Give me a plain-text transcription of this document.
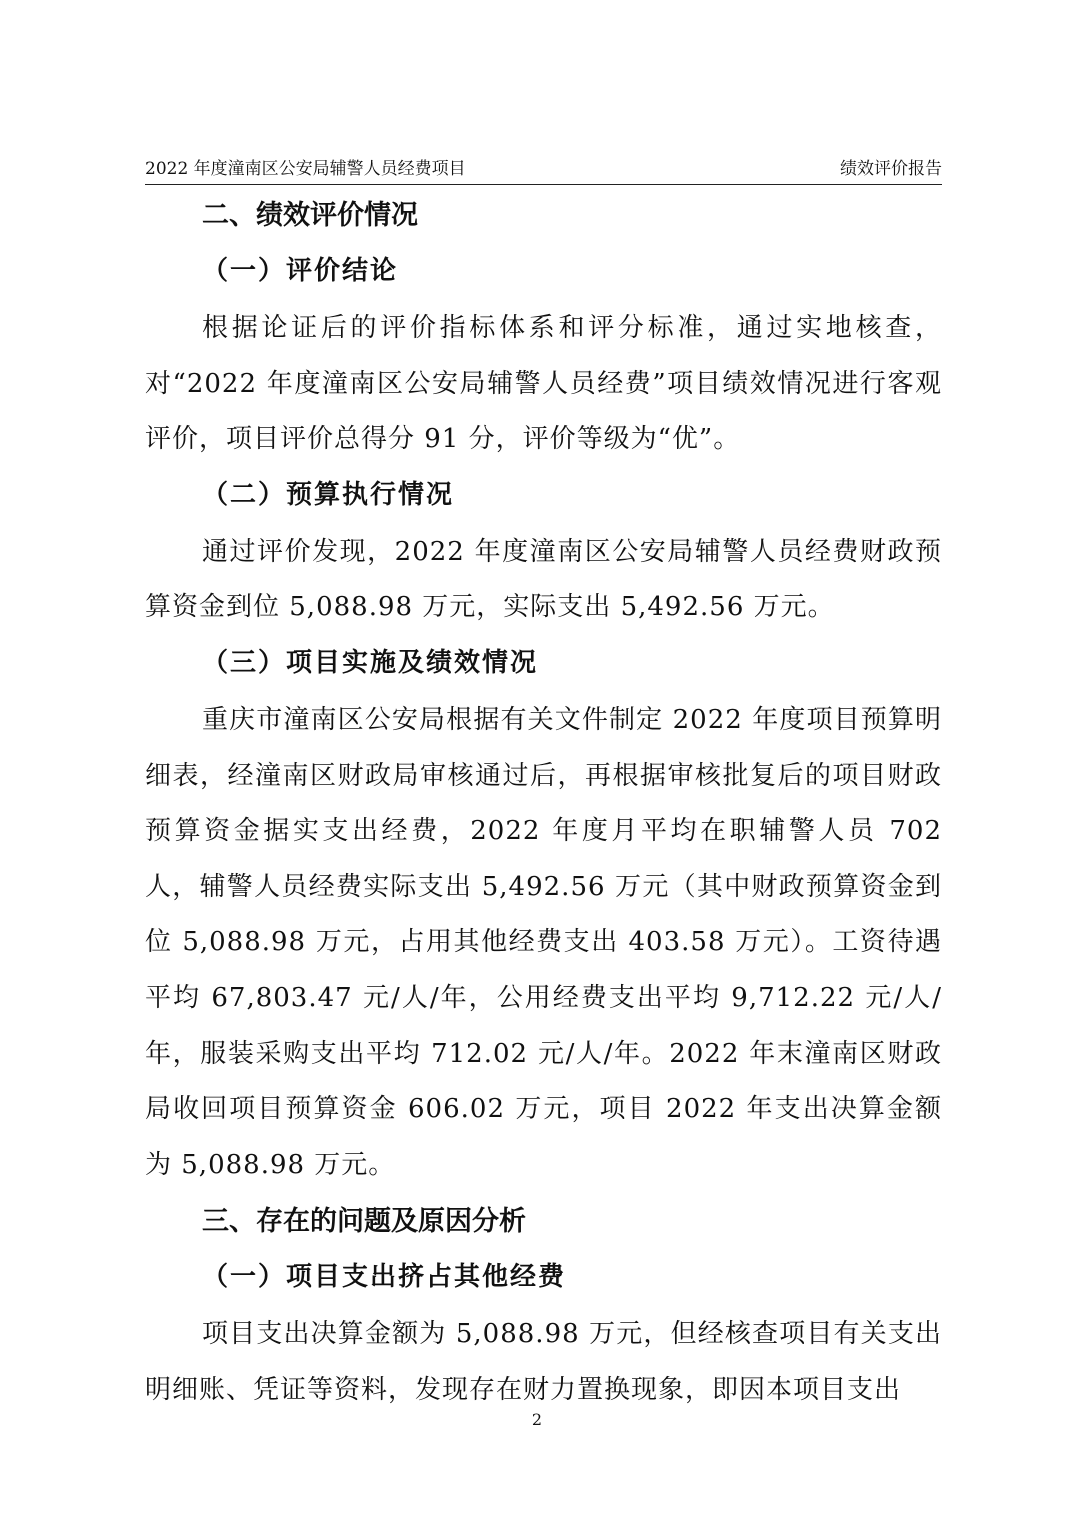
2022 年度潼南区公安局辅警人员经费项目	绩效评价报告
二、绩效评价情况
（一）评价结论

根据论证后的评价指标体系和评分标准，通过实地核查，对“2022 年度潼南区公安局辅警人员经费”项目绩效情况进行客观评价，项目评价总得分 91 分，评价等级为“优”。

（二）预算执行情况

通过评价发现，2022 年度潼南区公安局辅警人员经费财政预算资金到位 5,088.98 万元，实际支出 5,492.56 万元。

（三）项目实施及绩效情况

重庆市潼南区公安局根据有关文件制定 2022 年度项目预算明细表，经潼南区财政局审核通过后，再根据审核批复后的项目财政预算资金据实支出经费，2022 年度月平均在职辅警人员 702 人，辅警人员经费实际支出 5,492.56 万元（其中财政预算资金到位 5,088.98 万元，占用其他经费支出 403.58 万元）。工资待遇平均 67,803.47 元/人/年，公用经费支出平均 9,712.22 元/人/年，服装采购支出平均 712.02 元/人/年。2022 年末潼南区财政局收回项目预算资金 606.02 万元，项目 2022 年支出决算金额为 5,088.98 万元。

三、存在的问题及原因分析
（一）项目支出挤占其他经费

项目支出决算金额为 5,088.98 万元，但经核查项目有关支出明细账、凭证等资料，发现存在财力置换现象，即因本项目支出

2
